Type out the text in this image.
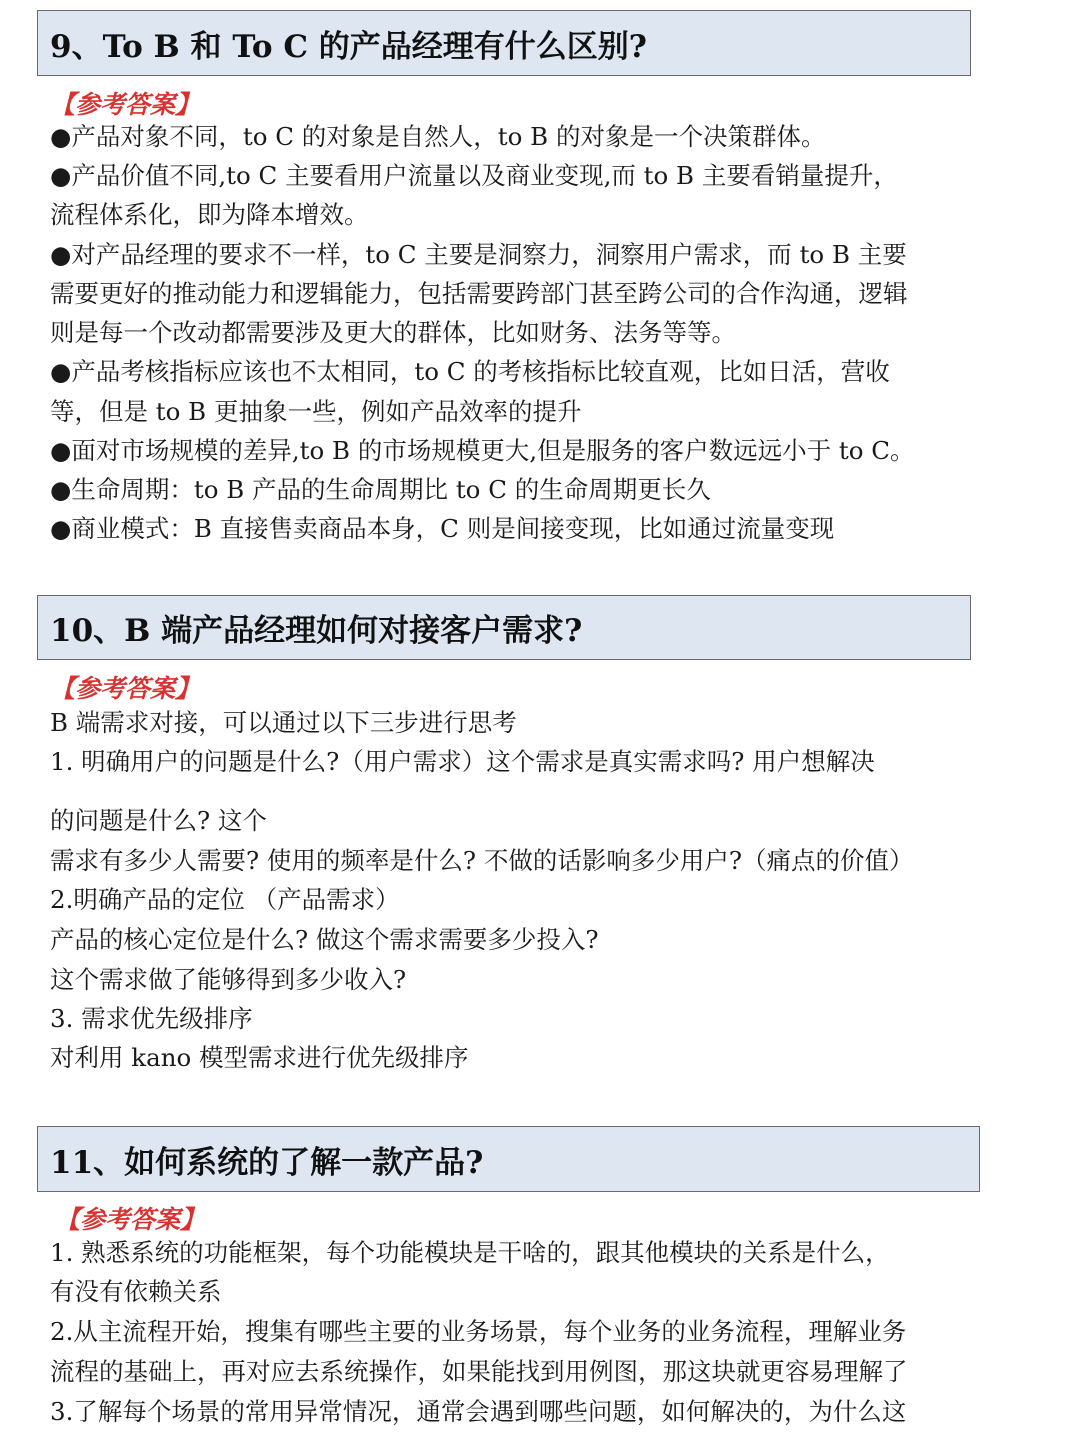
9、To B 和 To C 的产品经理有什么区别?
【参考答案】
●产品对象不同，to C 的对象是自然人，to B 的对象是一个决策群体。
●产品价值不同,to C 主要看用户流量以及商业变现,而 to B 主要看销量提升，
流程体系化，即为降本增效。
●对产品经理的要求不一样，to C 主要是洞察力，洞察用户需求，而 to B 主要
需要更好的推动能力和逻辑能力，包括需要跨部门甚至跨公司的合作沟通，逻辑
则是每一个改动都需要涉及更大的群体，比如财务、法务等等。
●产品考核指标应该也不太相同，to C 的考核指标比较直观，比如日活，营收
等，但是 to B 更抽象一些，例如产品效率的提升
●面对市场规模的差异,to B 的市场规模更大,但是服务的客户数远远小于 to C。
●生命周期：to B 产品的生命周期比 to C 的生命周期更长久
●商业模式：B 直接售卖商品本身，C 则是间接变现，比如通过流量变现
10、B 端产品经理如何对接客户需求?
【参考答案】
B 端需求对接，可以通过以下三步进行思考
1. 明确用户的问题是什么?（用户需求）这个需求是真实需求吗? 用户想解决
的问题是什么? 这个
需求有多少人需要? 使用的频率是什么? 不做的话影响多少用户?（痛点的价值）
2.明确产品的定位 （产品需求）
产品的核心定位是什么? 做这个需求需要多少投入?
这个需求做了能够得到多少收入?
3. 需求优先级排序
对利用 kano 模型需求进行优先级排序
11、如何系统的了解一款产品?
【参考答案】
1. 熟悉系统的功能框架，每个功能模块是干啥的，跟其他模块的关系是什么，
有没有依赖关系
2.从主流程开始，搜集有哪些主要的业务场景，每个业务的业务流程，理解业务
流程的基础上，再对应去系统操作，如果能找到用例图，那这块就更容易理解了
3.了解每个场景的常用异常情况，通常会遇到哪些问题，如何解决的，为什么这
